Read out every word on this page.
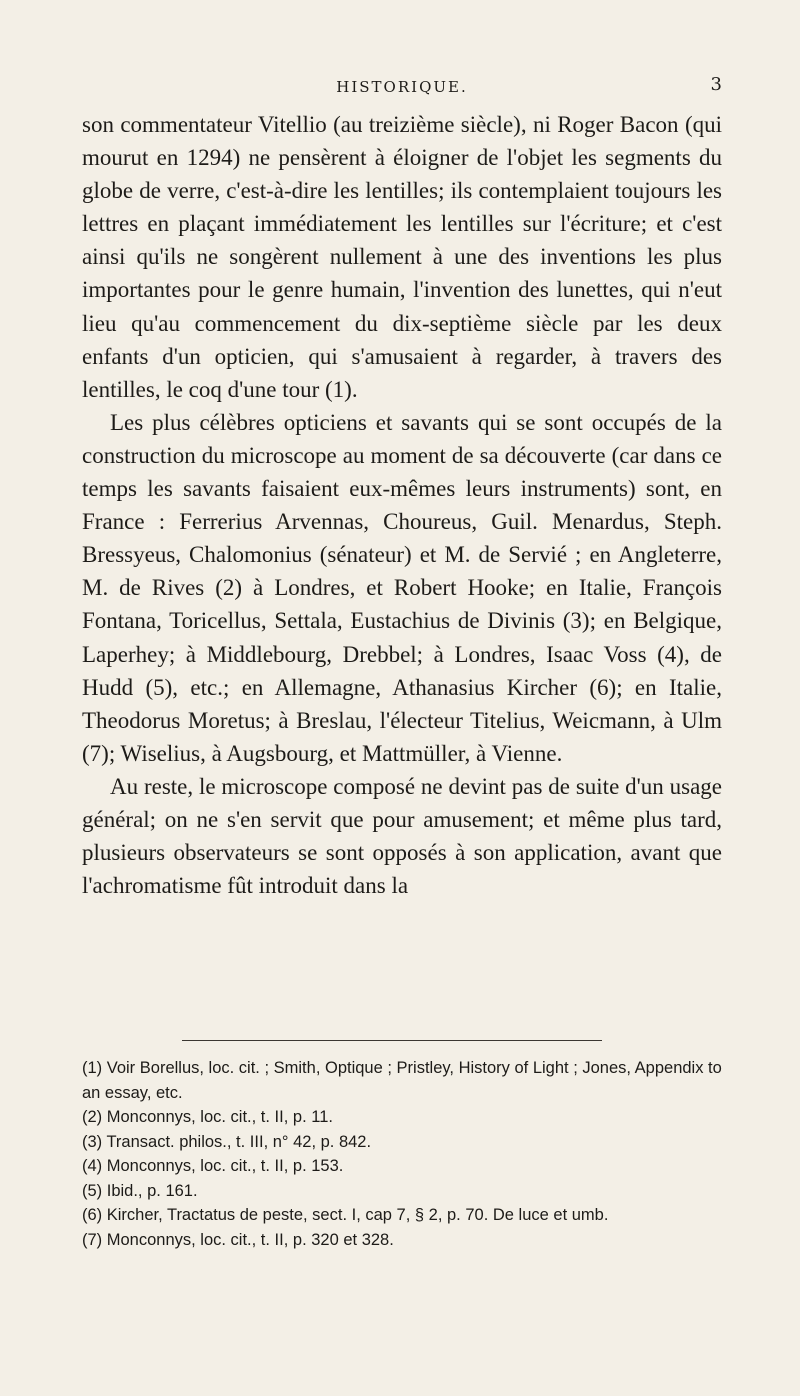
HISTORIQUE.	3

son commentateur Vitellio (au treizième siècle), ni Roger Bacon (qui mourut en 1294) ne pensèrent à éloigner de l'objet les segments du globe de verre, c'est-à-dire les lentilles; ils contemplaient toujours les lettres en plaçant immédiatement les lentilles sur l'écriture; et c'est ainsi qu'ils ne songèrent nullement à une des inventions les plus importantes pour le genre humain, l'invention des lunettes, qui n'eut lieu qu'au commencement du dix-septième siècle par les deux enfants d'un opticien, qui s'amusaient à regarder, à travers des lentilles, le coq d'une tour (1).

Les plus célèbres opticiens et savants qui se sont occupés de la construction du microscope au moment de sa découverte (car dans ce temps les savants faisaient eux-mêmes leurs instruments) sont, en France : Ferrerius Arvennas, Choureus, Guil. Menardus, Steph. Bressyeus, Chalomonius (sénateur) et M. de Servié ; en Angleterre, M. de Rives (2) à Londres, et Robert Hooke; en Italie, François Fontana, Toricellus, Settala, Eustachius de Divinis (3); en Belgique, Laperhey; à Middlebourg, Drebbel; à Londres, Isaac Voss (4), de Hudd (5), etc.; en Allemagne, Athanasius Kircher (6); en Italie, Theodorus Moretus; à Breslau, l'électeur Titelius, Weicmann, à Ulm (7); Wiselius, à Augsbourg, et Mattmüller, à Vienne.

Au reste, le microscope composé ne devint pas de suite d'un usage général; on ne s'en servit que pour amusement; et même plus tard, plusieurs observateurs se sont opposés à son application, avant que l'achromatisme fût introduit dans la

(1) Voir Borellus, loc. cit. ; Smith, Optique ; Pristley, History of Light ; Jones, Appendix to an essay, etc.
(2) Monconnys, loc. cit., t. II, p. 11.
(3) Transact. philos., t. III, n° 42, p. 842.
(4) Monconnys, loc. cit., t. II, p. 153.
(5) Ibid., p. 161.
(6) Kircher, Tractatus de peste, sect. I, cap 7, § 2, p. 70. De luce et umb.
(7) Monconnys, loc. cit., t. II, p. 320 et 328.
